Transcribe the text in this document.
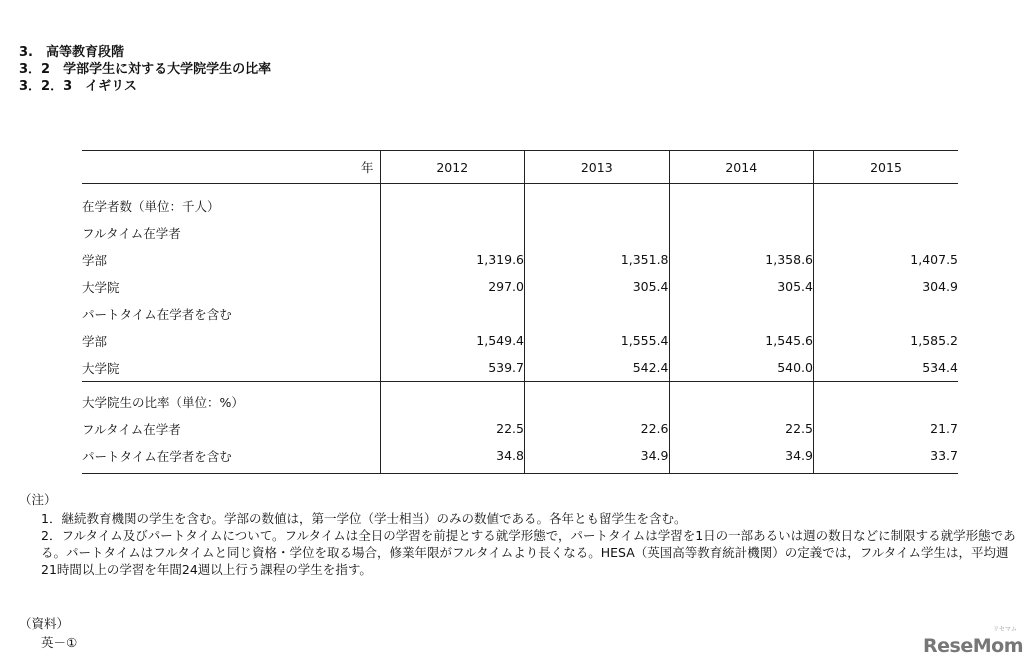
3.　高等教育段階
3．2　学部学生に対する大学院学生の比率
3．2．3　イギリス
年	2012	2013	2014	2015
在学者数（単位：千人）				
フルタイム在学者				
学部	1,319.6	1,351.8	1,358.6	1,407.5
大学院	297.0	305.4	305.4	304.9
パートタイム在学者を含む				
学部	1,549.4	1,555.4	1,545.6	1,585.2
大学院	539.7	542.4	540.0	534.4
大学院生の比率（単位：%）				
フルタイム在学者	22.5	22.6	22.5	21.7
パートタイム在学者を含む	34.8	34.9	34.9	33.7
（注）
1．継続教育機関の学生を含む。学部の数値は，第一学位（学士相当）のみの数値である。各年とも留学生を含む。
2．フルタイム及びパートタイムについて。フルタイムは全日の学習を前提とする就学形態で，パートタイムは学習を1日の一部あるいは週の数日などに制限する就学形態である。パートタイムはフルタイムと同じ資格・学位を取る場合，修業年限がフルタイムより長くなる。HESA（英国高等教育統計機関）の定義では，フルタイム学生は，平均週21時間以上の学習を年間24週以上行う課程の学生を指す。
（資料）
英－①
リセマム
ReseMom
